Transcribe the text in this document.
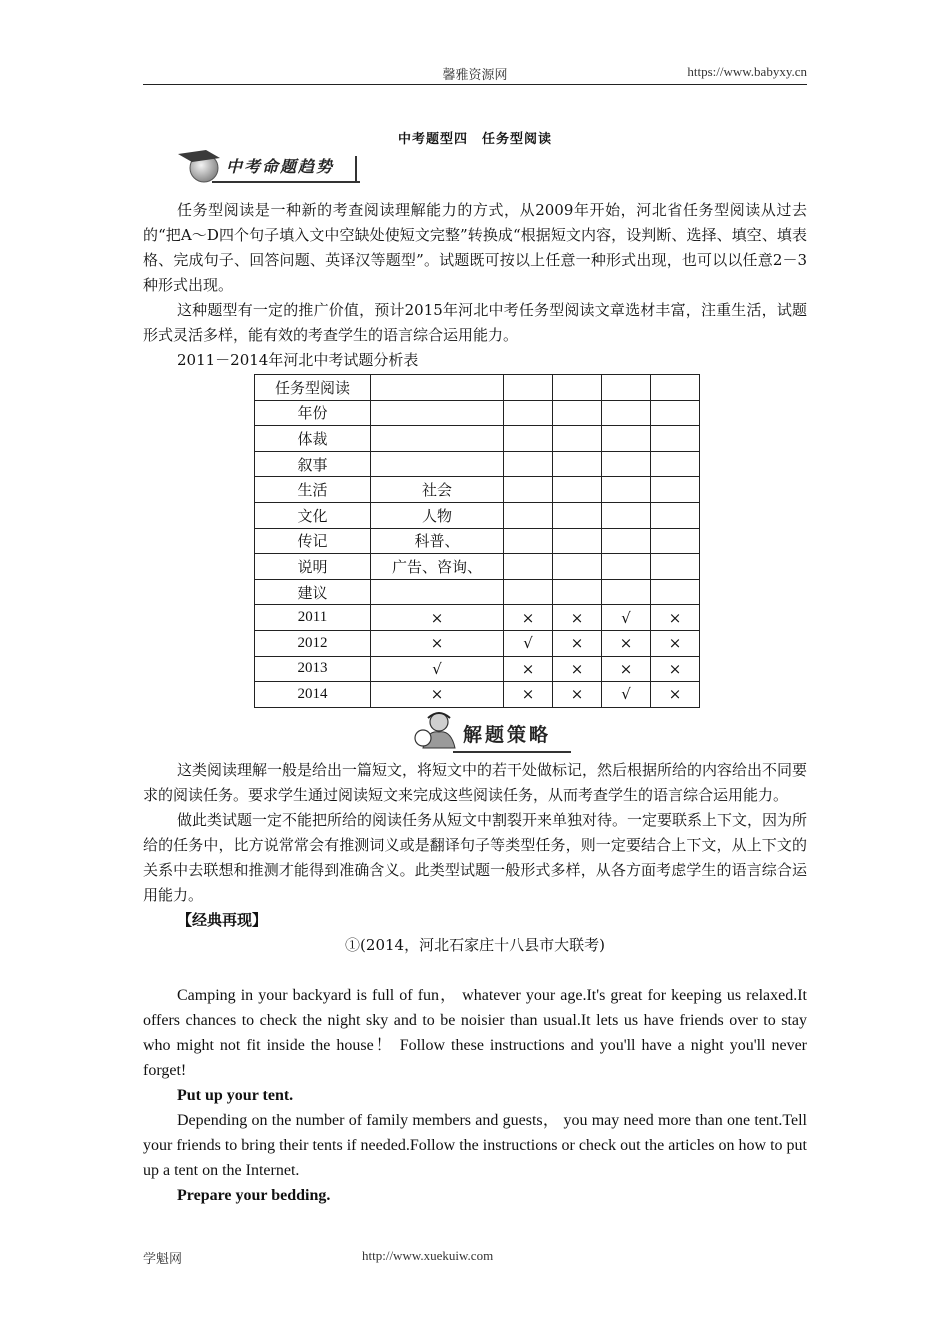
馨雅资源网	https://www.babyxy.cn
中考题型四　任务型阅读
中考命题趋势

任务型阅读是一种新的考查阅读理解能力的方式，从2009年开始，河北省任务型阅读从过去的“把A～D四个句子填入文中空缺处使短文完整”转换成“根据短文内容，设判断、选择、填空、填表格、完成句子、回答问题、英译汉等题型”。试题既可按以上任意一种形式出现，也可以以任意2－3种形式出现。

这种题型有一定的推广价值，预计2015年河北中考任务型阅读文章选材丰富，注重生活，试题形式灵活多样，能有效的考查学生的语言综合运用能力。

2011－2014年河北中考试题分析表

任务型阅读					
年份					
体裁					
叙事					
生活	社会				
文化	人物				
传记	科普、				
说明	广告、咨询、				
建议					
2011	×	×	×	√	×
2012	×	√	×	×	×
2013	√	×	×	×	×
2014	×	×	×	√	×
解题策略

这类阅读理解一般是给出一篇短文，将短文中的若干处做标记，然后根据所给的内容给出不同要求的阅读任务。要求学生通过阅读短文来完成这些阅读任务，从而考查学生的语言综合运用能力。

做此类试题一定不能把所给的阅读任务从短文中割裂开来单独对待。一定要联系上下文，因为所给的任务中，比方说常常会有推测词义或是翻译句子等类型任务，则一定要结合上下文，从上下文的关系中去联想和推测才能得到准确含义。此类型试题一般形式多样，从各方面考虑学生的语言综合运用能力。

【经典再现】

①(2014，河北石家庄十八县市大联考)

Camping in your backyard is full of fun， whatever your age.It's great for keeping us relaxed.It offers chances to check the night sky and to be noisier than usual.It lets us have friends over to stay who might not fit inside the house！ Follow these instructions and you'll have a night you'll never forget!

Put up your tent.

Depending on the number of family members and guests， you may need more than one tent.Tell your friends to bring their tents if needed.Follow the instructions or check out the articles on how to put up a tent on the Internet.

Prepare your bedding.

学魁网	http://www.xuekuiw.com
